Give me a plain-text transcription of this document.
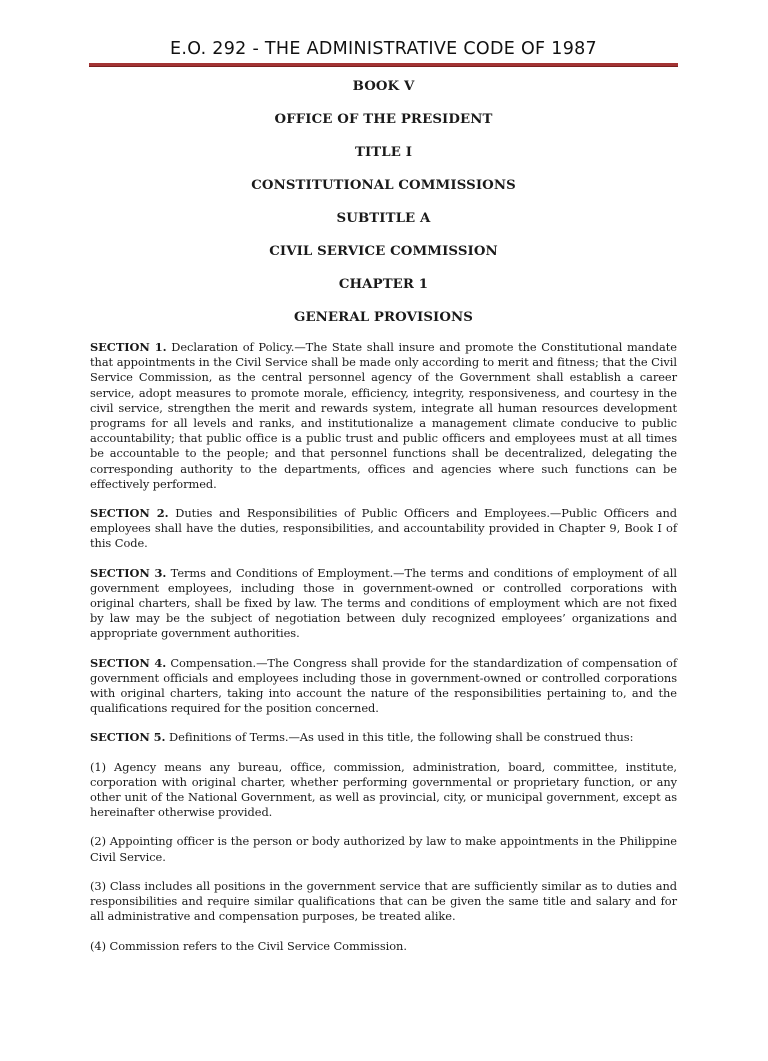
E.O. 292 - THE ADMINISTRATIVE CODE OF 1987
BOOK V
OFFICE OF THE PRESIDENT
TITLE I
CONSTITUTIONAL COMMISSIONS
SUBTITLE A
CIVIL SERVICE COMMISSION
CHAPTER 1
GENERAL PROVISIONS

SECTION 1. Declaration of Policy.—The State shall insure and promote the Constitutional mandate that appointments in the Civil Service shall be made only according to merit and fitness; that the Civil Service Commission, as the central personnel agency of the Government shall establish a career service, adopt measures to promote morale, efficiency, integrity, responsiveness, and courtesy in the civil service, strengthen the merit and rewards system, integrate all human resources development programs for all levels and ranks, and institutionalize a management climate conducive to public accountability; that public office is a public trust and public officers and employees must at all times be accountable to the people; and that personnel functions shall be decentralized, delegating the corresponding authority to the departments, offices and agencies where such functions can be effectively performed.

SECTION 2. Duties and Responsibilities of Public Officers and Employees.—Public Officers and employees shall have the duties, responsibilities, and accountability provided in Chapter 9, Book I of this Code.

SECTION 3. Terms and Conditions of Employment.—The terms and conditions of employment of all government employees, including those in government-owned or controlled corporations with original charters, shall be fixed by law. The terms and conditions of employment which are not fixed by law may be the subject of negotiation between duly recognized employees’ organizations and appropriate government authorities.

SECTION 4. Compensation.—The Congress shall provide for the standardization of compensation of government officials and employees including those in government-owned or controlled corporations with original charters, taking into account the nature of the responsibilities pertaining to, and the qualifications required for the position concerned.

SECTION 5. Definitions of Terms.—As used in this title, the following shall be construed thus:

(1) Agency means any bureau, office, commission, administration, board, committee, institute, corporation with original charter, whether performing governmental or proprietary function, or any other unit of the National Government, as well as provincial, city, or municipal government, except as hereinafter otherwise provided.

(2) Appointing officer is the person or body authorized by law to make appointments in the Philippine Civil Service.

(3) Class includes all positions in the government service that are sufficiently similar as to duties and responsibilities and require similar qualifications that can be given the same title and salary and for all administrative and compensation purposes, be treated alike.

(4) Commission refers to the Civil Service Commission.
